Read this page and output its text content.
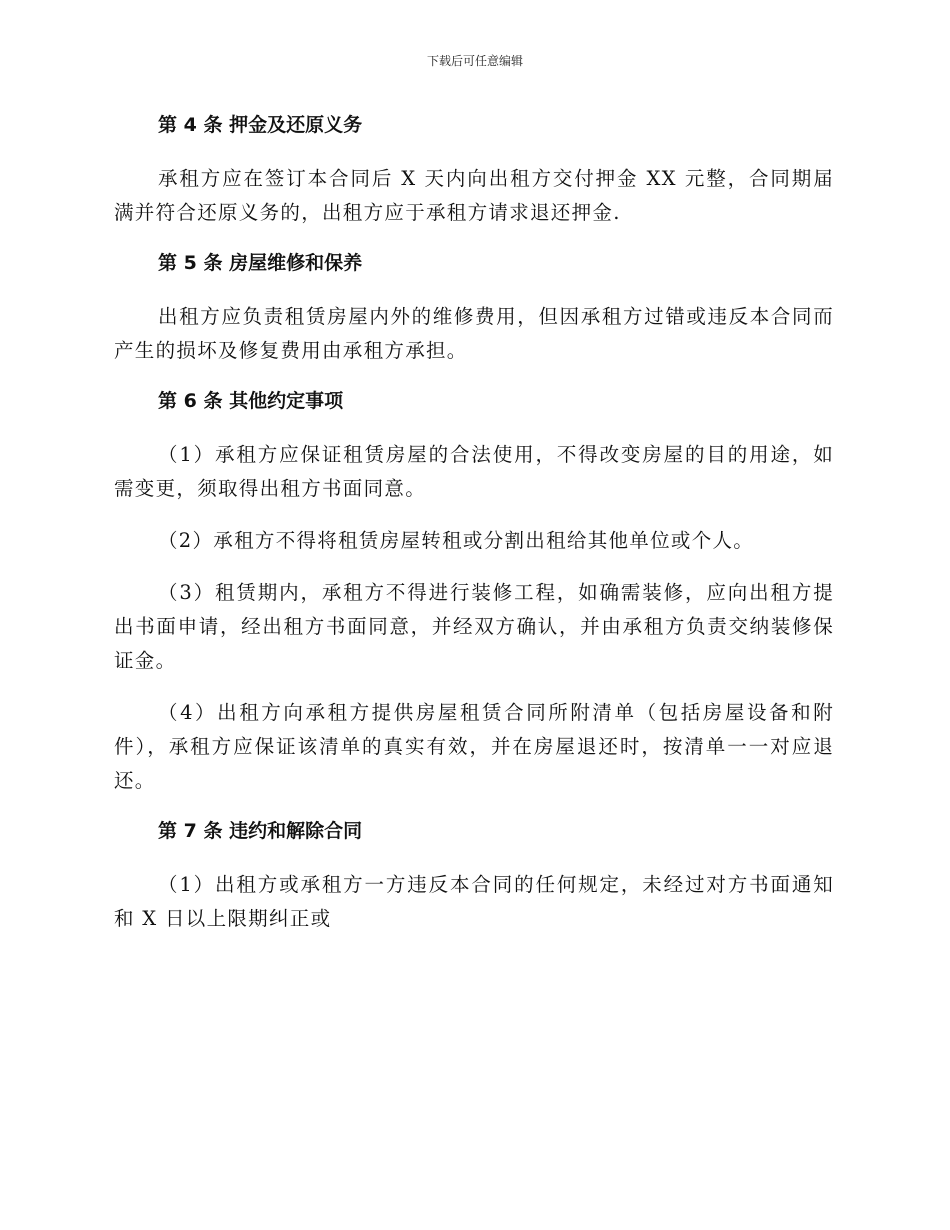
下载后可任意编辑
第 4 条 押金及还原义务

承租方应在签订本合同后 X 天内向出租方交付押金 XX 元整，合同期届满并符合还原义务的，出租方应于承租方请求退还押金.

第 5 条 房屋维修和保养

出租方应负责租赁房屋内外的维修费用，但因承租方过错或违反本合同而产生的损坏及修复费用由承租方承担。

第 6 条 其他约定事项

（1）承租方应保证租赁房屋的合法使用，不得改变房屋的目的用途，如需变更，须取得出租方书面同意。

（2）承租方不得将租赁房屋转租或分割出租给其他单位或个人。

（3）租赁期内，承租方不得进行装修工程，如确需装修，应向出租方提出书面申请，经出租方书面同意，并经双方确认，并由承租方负责交纳装修保证金。

（4）出租方向承租方提供房屋租赁合同所附清单（包括房屋设备和附件），承租方应保证该清单的真实有效，并在房屋退还时，按清单一一对应退还。

第 7 条 违约和解除合同

（1）出租方或承租方一方违反本合同的任何规定，未经过对方书面通知和 X 日以上限期纠正或
